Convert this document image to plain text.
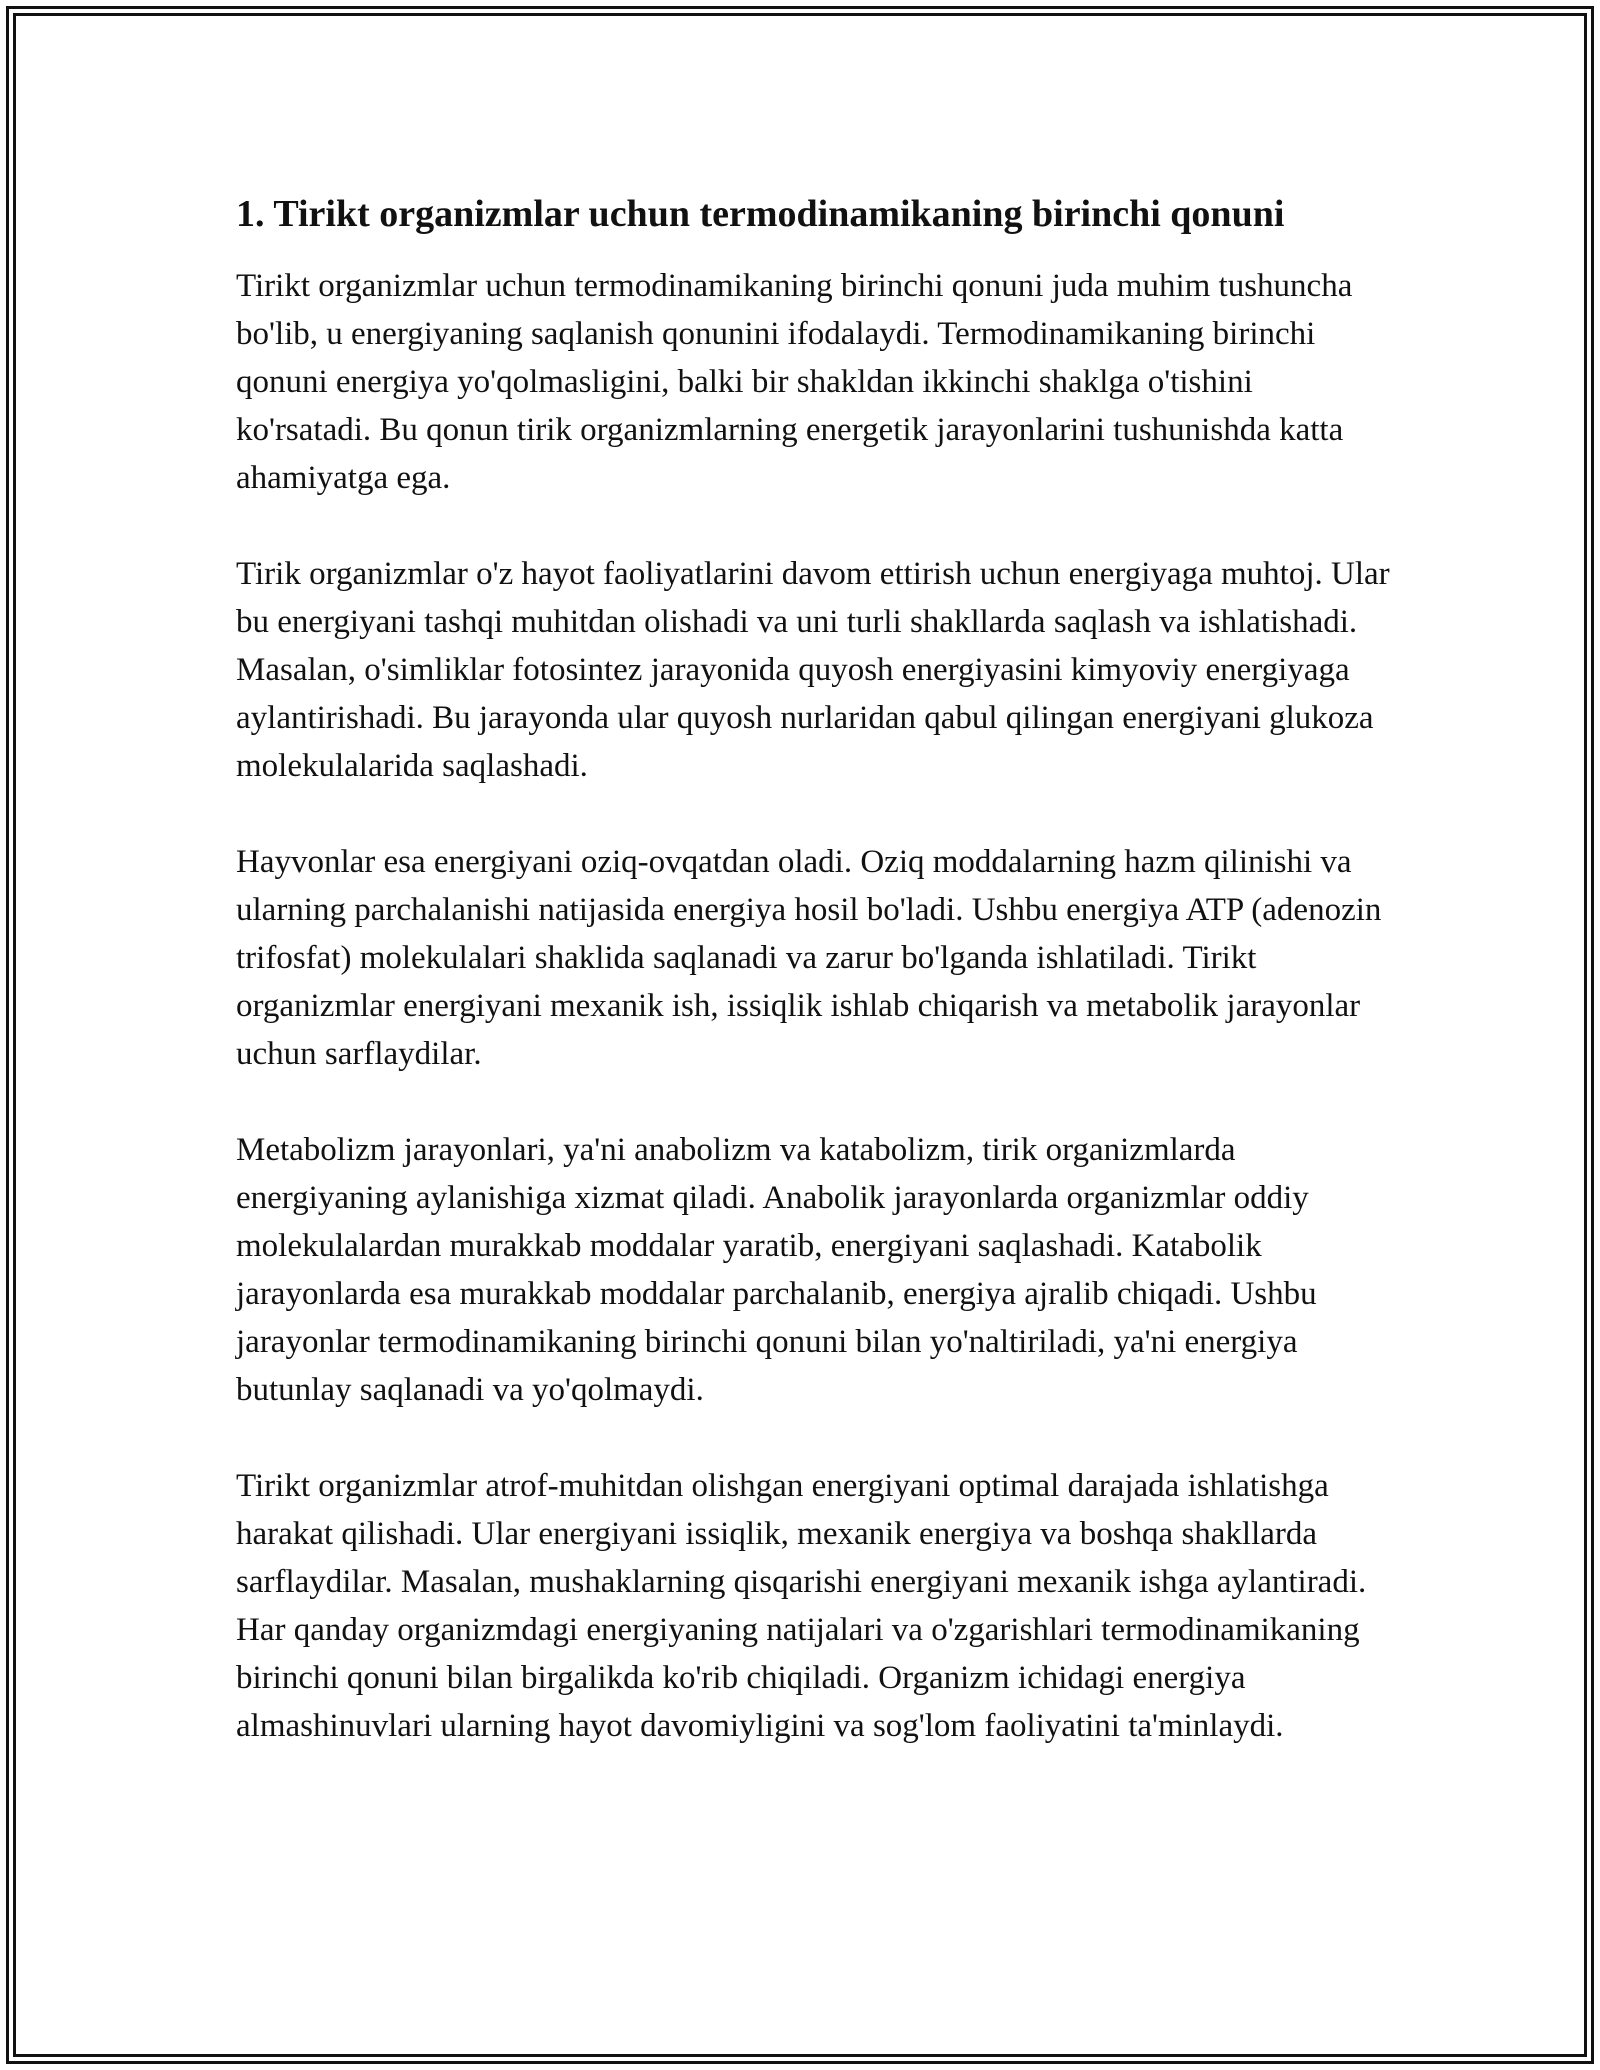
1. Tirikt organizmlar uchun termodinamikaning birinchi qonuni

Tirikt organizmlar uchun termodinamikaning birinchi qonuni juda muhim tushuncha bo'lib, u energiyaning saqlanish qonunini ifodalaydi. Termodinamikaning birinchi qonuni energiya yo'qolmasligini, balki bir shakldan ikkinchi shaklga o'tishini ko'rsatadi. Bu qonun tirik organizmlarning energetik jarayonlarini tushunishda katta ahamiyatga ega.

Tirik organizmlar o'z hayot faoliyatlarini davom ettirish uchun energiyaga muhtoj. Ular bu energiyani tashqi muhitdan olishadi va uni turli shakllarda saqlash va ishlatishadi. Masalan, o'simliklar fotosintez jarayonida quyosh energiyasini kimyoviy energiyaga aylantirishadi. Bu jarayonda ular quyosh nurlaridan qabul qilingan energiyani glukoza molekulalarida saqlashadi.

Hayvonlar esa energiyani oziq-ovqatdan oladi. Oziq moddalarning hazm qilinishi va ularning parchalanishi natijasida energiya hosil bo'ladi. Ushbu energiya ATP (adenozin trifosfat) molekulalari shaklida saqlanadi va zarur bo'lganda ishlatiladi. Tirikt organizmlar energiyani mexanik ish, issiqlik ishlab chiqarish va metabolik jarayonlar uchun sarflaydilar.

Metabolizm jarayonlari, ya'ni anabolizm va katabolizm, tirik organizmlarda energiyaning aylanishiga xizmat qiladi. Anabolik jarayonlarda organizmlar oddiy molekulalardan murakkab moddalar yaratib, energiyani saqlashadi. Katabolik jarayonlarda esa murakkab moddalar parchalanib, energiya ajralib chiqadi. Ushbu jarayonlar termodinamikaning birinchi qonuni bilan yo'naltiriladi, ya'ni energiya butunlay saqlanadi va yo'qolmaydi.

Tirikt organizmlar atrof-muhitdan olishgan energiyani optimal darajada ishlatishga harakat qilishadi. Ular energiyani issiqlik, mexanik energiya va boshqa shakllarda sarflaydilar. Masalan, mushaklarning qisqarishi energiyani mexanik ishga aylantiradi. Har qanday organizmdagi energiyaning natijalari va o'zgarishlari termodinamikaning birinchi qonuni bilan birgalikda ko'rib chiqiladi. Organizm ichidagi energiya almashinuvlari ularning hayot davomiyligini va sog'lom faoliyatini ta'minlaydi.
